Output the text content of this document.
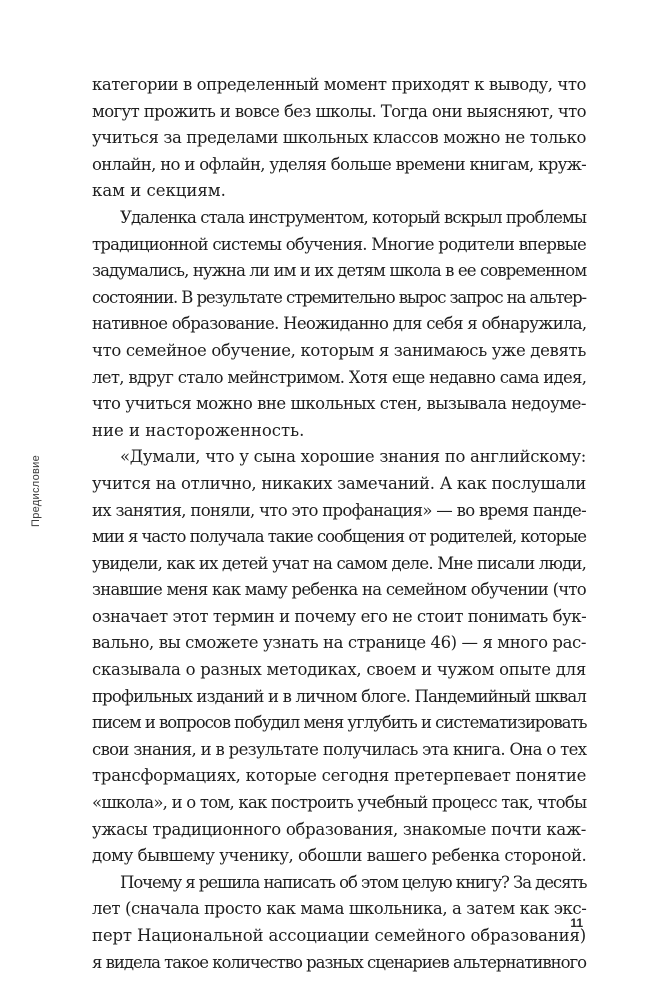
категории в определенный момент приходят к выводу, что
могут прожить и вовсе без школы. Тогда они выясняют, что
учиться за пределами школьных классов можно не только
онлайн, но и офлайн, уделяя больше времени книгам, круж-
кам и секциям.
Удаленка стала инструментом, который вскрыл проблемы
традиционной системы обучения. Многие родители впервые
задумались, нужна ли им и их детям школа в ее современном
состоянии. В результате стремительно вырос запрос на альтер-
нативное образование. Неожиданно для себя я обнаружила,
что семейное обучение, которым я занимаюсь уже девять
лет, вдруг стало мейнстримом. Хотя еще недавно сама идея,
что учиться можно вне школьных стен, вызывала недоуме-
ние и настороженность.
«Думали, что у сына хорошие знания по английскому:
учится на отлично, никаких замечаний. А как послушали
их занятия, поняли, что это профанация» — во время панде-
мии я часто получала такие сообщения от родителей, которые
увидели, как их детей учат на самом деле. Мне писали люди,
знавшие меня как маму ребенка на семейном обучении (что
означает этот термин и почему его не стоит понимать бук-
вально, вы сможете узнать на странице 46) — я много рас-
сказывала о разных методиках, своем и чужом опыте для
профильных изданий и в личном блоге. Пандемийный шквал
писем и вопросов побудил меня углубить и систематизировать
свои знания, и в результате получилась эта книга. Она о тех
трансформациях, которые сегодня претерпевает понятие
«школа», и о том, как построить учебный процесс так, чтобы
ужасы традиционного образования, знакомые почти каж-
дому бывшему ученику, обошли вашего ребенка стороной.
Почему я решила написать об этом целую книгу? За десять
лет (сначала просто как мама школьника, а затем как экс-
перт Национальной ассоциации семейного образования)
я видела такое количество разных сценариев альтернативного
Предисловие
11
